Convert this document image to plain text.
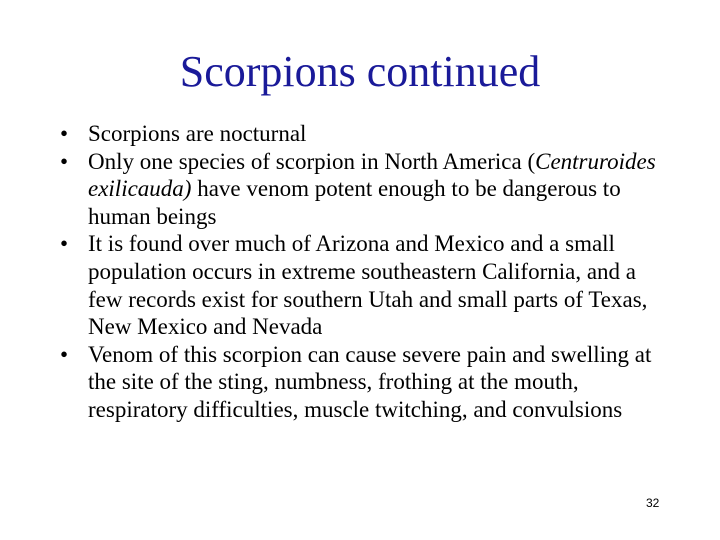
Scorpions continued
• Scorpions are nocturnal
• Only one species of scorpion in North America (Centruroides exilicauda) have venom potent enough to be dangerous to human beings
• It is found over much of Arizona and Mexico and a small population occurs in extreme southeastern California, and a few records exist for southern Utah and small parts of Texas, New Mexico and Nevada
• Venom of this scorpion can cause severe pain and swelling at the site of the sting, numbness, frothing at the mouth, respiratory difficulties, muscle twitching, and convulsions
32
